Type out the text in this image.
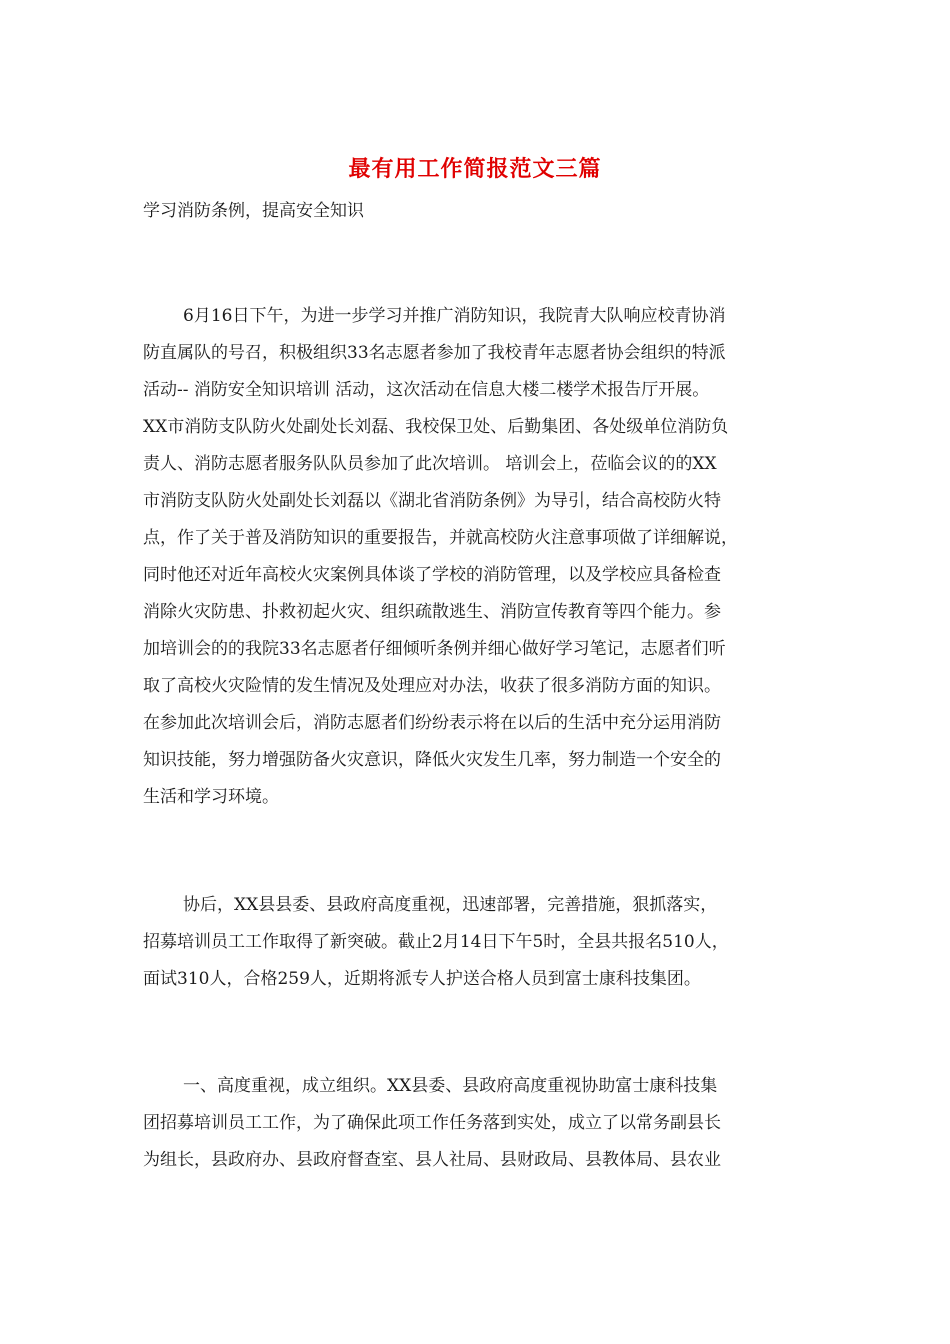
最有用工作简报范文三篇
学习消防条例，提高安全知识
6月16日下午，为进一步学习并推广消防知识，我院青大队响应校青协消
防直属队的号召，积极组织33名志愿者参加了我校青年志愿者协会组织的特派
活动-- 消防安全知识培训 活动，这次活动在信息大楼二楼学术报告厅开展。
XX市消防支队防火处副处长刘磊、我校保卫处、后勤集团、各处级单位消防负
责人、消防志愿者服务队队员参加了此次培训。 培训会上，莅临会议的的XX
市消防支队防火处副处长刘磊以《湖北省消防条例》为导引，结合高校防火特
点，作了关于普及消防知识的重要报告，并就高校防火注意事项做了详细解说，
同时他还对近年高校火灾案例具体谈了学校的消防管理，以及学校应具备检查
消除火灾防患、扑救初起火灾、组织疏散逃生、消防宣传教育等四个能力。参
加培训会的的我院33名志愿者仔细倾听条例并细心做好学习笔记，志愿者们听
取了高校火灾险情的发生情况及处理应对办法，收获了很多消防方面的知识。
在参加此次培训会后，消防志愿者们纷纷表示将在以后的生活中充分运用消防
知识技能，努力增强防备火灾意识，降低火灾发生几率，努力制造一个安全的
生活和学习环境。
协后，XX县县委、县政府高度重视，迅速部署，完善措施，狠抓落实，
招募培训员工工作取得了新突破。截止2月14日下午5时，全县共报名510人，
面试310人，合格259人，近期将派专人护送合格人员到富士康科技集团。
一、高度重视，成立组织。XX县委、县政府高度重视协助富士康科技集
团招募培训员工工作，为了确保此项工作任务落到实处，成立了以常务副县长
为组长，县政府办、县政府督查室、县人社局、县财政局、县教体局、县农业
